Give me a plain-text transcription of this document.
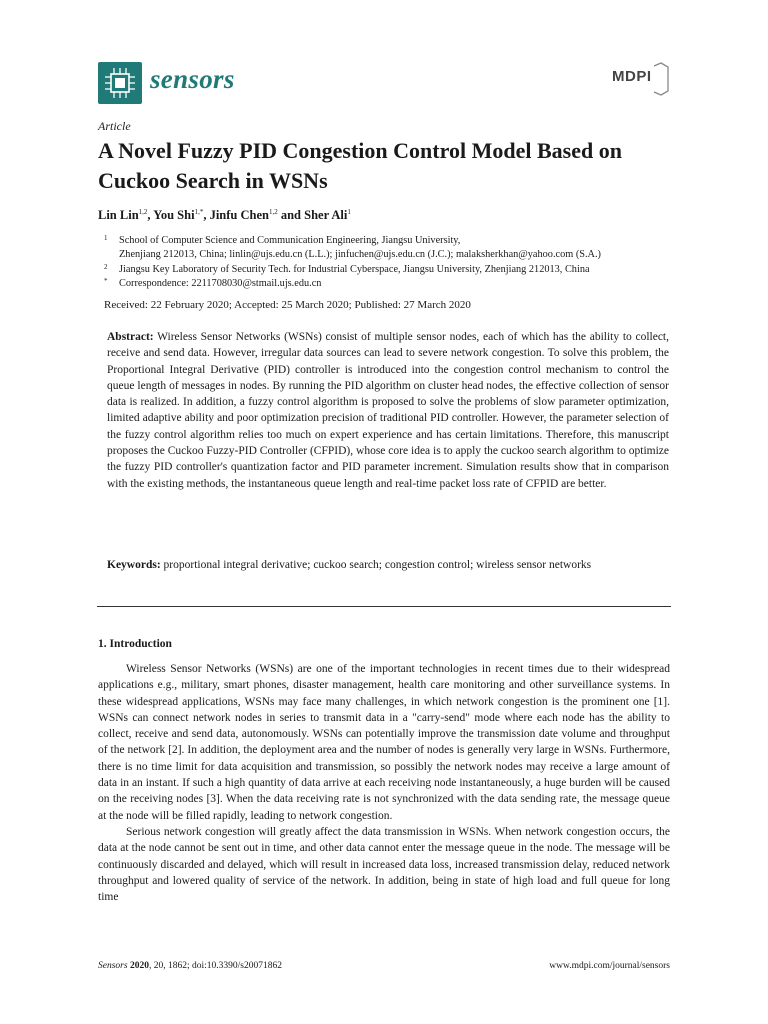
sensors	MDPI
Article
A Novel Fuzzy PID Congestion Control Model Based on Cuckoo Search in WSNs
Lin Lin$^{1,2}$, You Shi$^{1,*}$, Jinfu Chen$^{1,2}$ and Sher Ali$^1$
1 School of Computer Science and Communication Engineering, Jiangsu University,
Zhenjiang 212013, China; linlin@ujs.edu.cn (L.L.); jinfuchen@ujs.edu.cn (J.C.); malaksherkhan@yahoo.com (S.A.)
2 Jiangsu Key Laboratory of Security Tech. for Industrial Cyberspace, Jiangsu University, Zhenjiang 212013, China
* Correspondence: 2211708030@stmail.ujs.edu.cn
Received: 22 February 2020; Accepted: 25 March 2020; Published: 27 March 2020
Abstract: Wireless Sensor Networks (WSNs) consist of multiple sensor nodes, each of which has the ability to collect, receive and send data. However, irregular data sources can lead to severe network congestion. To solve this problem, the Proportional Integral Derivative (PID) controller is introduced into the congestion control mechanism to control the queue length of messages in nodes. By running the PID algorithm on cluster head nodes, the effective collection of sensor data is realized. In addition, a fuzzy control algorithm is proposed to solve the problems of slow parameter optimization, limited adaptive ability and poor optimization precision of traditional PID controller. However, the parameter selection of the fuzzy control algorithm relies too much on expert experience and has certain limitations. Therefore, this manuscript proposes the Cuckoo Fuzzy-PID Controller (CFPID), whose core idea is to apply the cuckoo search algorithm to optimize the fuzzy PID controller's quantization factor and PID parameter increment. Simulation results show that in comparison with the existing methods, the instantaneous queue length and real-time packet loss rate of CFPID are better.
Keywords: proportional integral derivative; cuckoo search; congestion control; wireless sensor networks
1. Introduction

Wireless Sensor Networks (WSNs) are one of the important technologies in recent times due to their widespread applications e.g., military, smart phones, disaster management, health care monitoring and other surveillance systems. In these widespread applications, WSNs may face many challenges, in which network congestion is the prominent one [1]. WSNs can connect network nodes in series to transmit data in a "carry-send" mode where each node has the ability to collect, receive and send data, autonomously. WSNs can potentially improve the transmission date volume and throughput of the network [2]. In addition, the deployment area and the number of nodes is generally very large in WSNs. Furthermore, there is no time limit for data acquisition and transmission, so possibly the network nodes may receive a large amount of data in an instant. If such a high quantity of data arrive at each receiving node instantaneously, a huge burden will be caused on the receiving nodes [3]. When the data receiving rate is not synchronized with the data sending rate, the message queue at the node will be filled rapidly, leading to network congestion.

Serious network congestion will greatly affect the data transmission in WSNs. When network congestion occurs, the data at the node cannot be sent out in time, and other data cannot enter the message queue in the node. The message will be continuously discarded and delayed, which will result in increased data loss, increased transmission delay, reduced network throughput and lowered quality of service of the network. In addition, being in state of high load and full queue for long time

Sensors 2020, 20, 1862; doi:10.3390/s20071862	www.mdpi.com/journal/sensors
